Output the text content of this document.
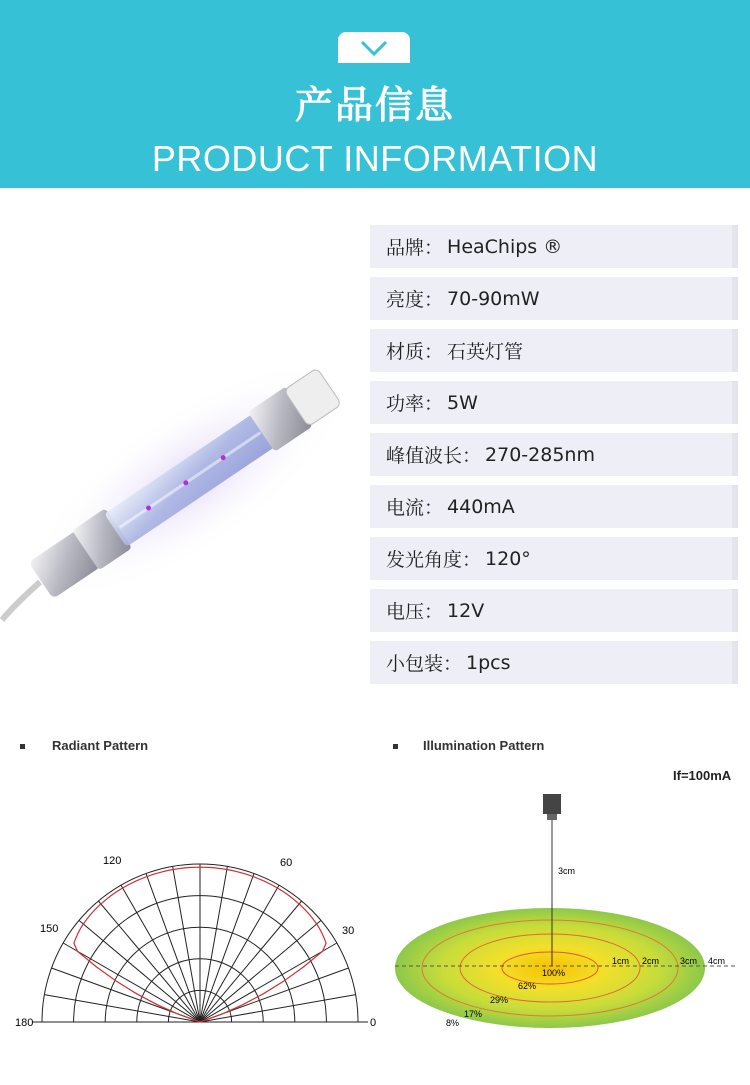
产品信息
PRODUCT INFORMATION
品牌 ： HeaChips ®
亮度 ： 70-90mW
材质 ： 石英灯管
功率 ： 5W
峰值波长 ： 270-285nm
电流 ： 440mA
发光角度 ： 120°
电压 ： 12V
小包装 ： 1pcs
Radiant Pattern	Illumination Pattern
If=100mA
120	60
150	30
180	0
3cm
1cm 2cm 3cm 4cm
100%
62%
29%
17%
8%
